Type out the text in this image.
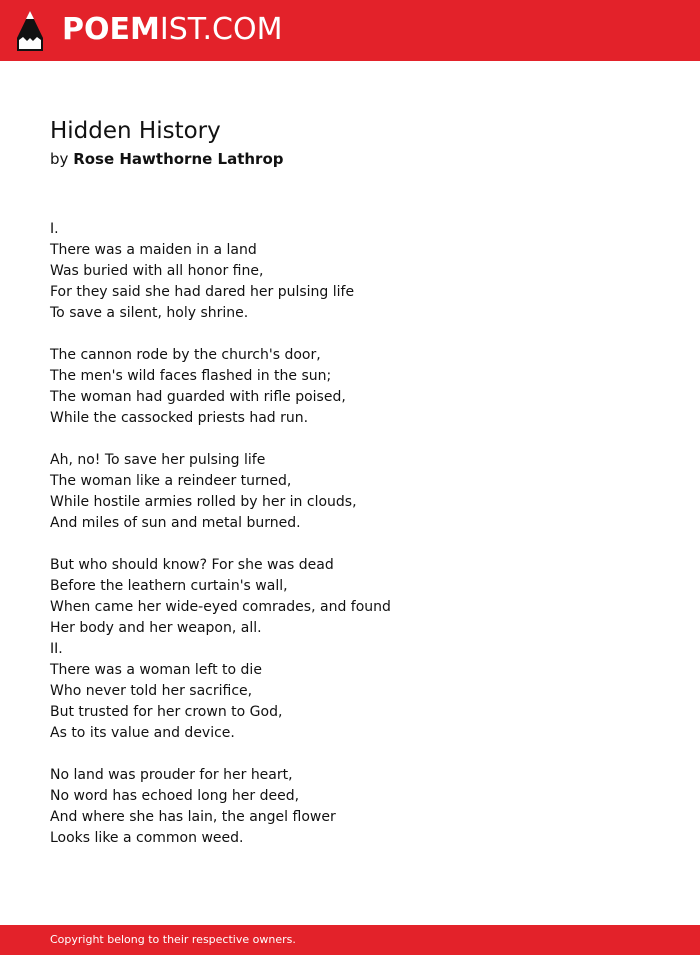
POEMIST.COM
Hidden History

by Rose Hawthorne Lathrop

I.
There was a maiden in a land
Was buried with all honor fine,
For they said she had dared her pulsing life
To save a silent, holy shrine.
The cannon rode by the church's door,
The men's wild faces flashed in the sun;
The woman had guarded with rifle poised,
While the cassocked priests had run.
Ah, no! To save her pulsing life
The woman like a reindeer turned,
While hostile armies rolled by her in clouds,
And miles of sun and metal burned.
But who should know? For she was dead
Before the leathern curtain's wall,
When came her wide-eyed comrades, and found
Her body and her weapon, all.
II.
There was a woman left to die
Who never told her sacrifice,
But trusted for her crown to God,
As to its value and device.
No land was prouder for her heart,
No word has echoed long her deed,
And where she has lain, the angel flower
Looks like a common weed.
Copyright belong to their respective owners.
